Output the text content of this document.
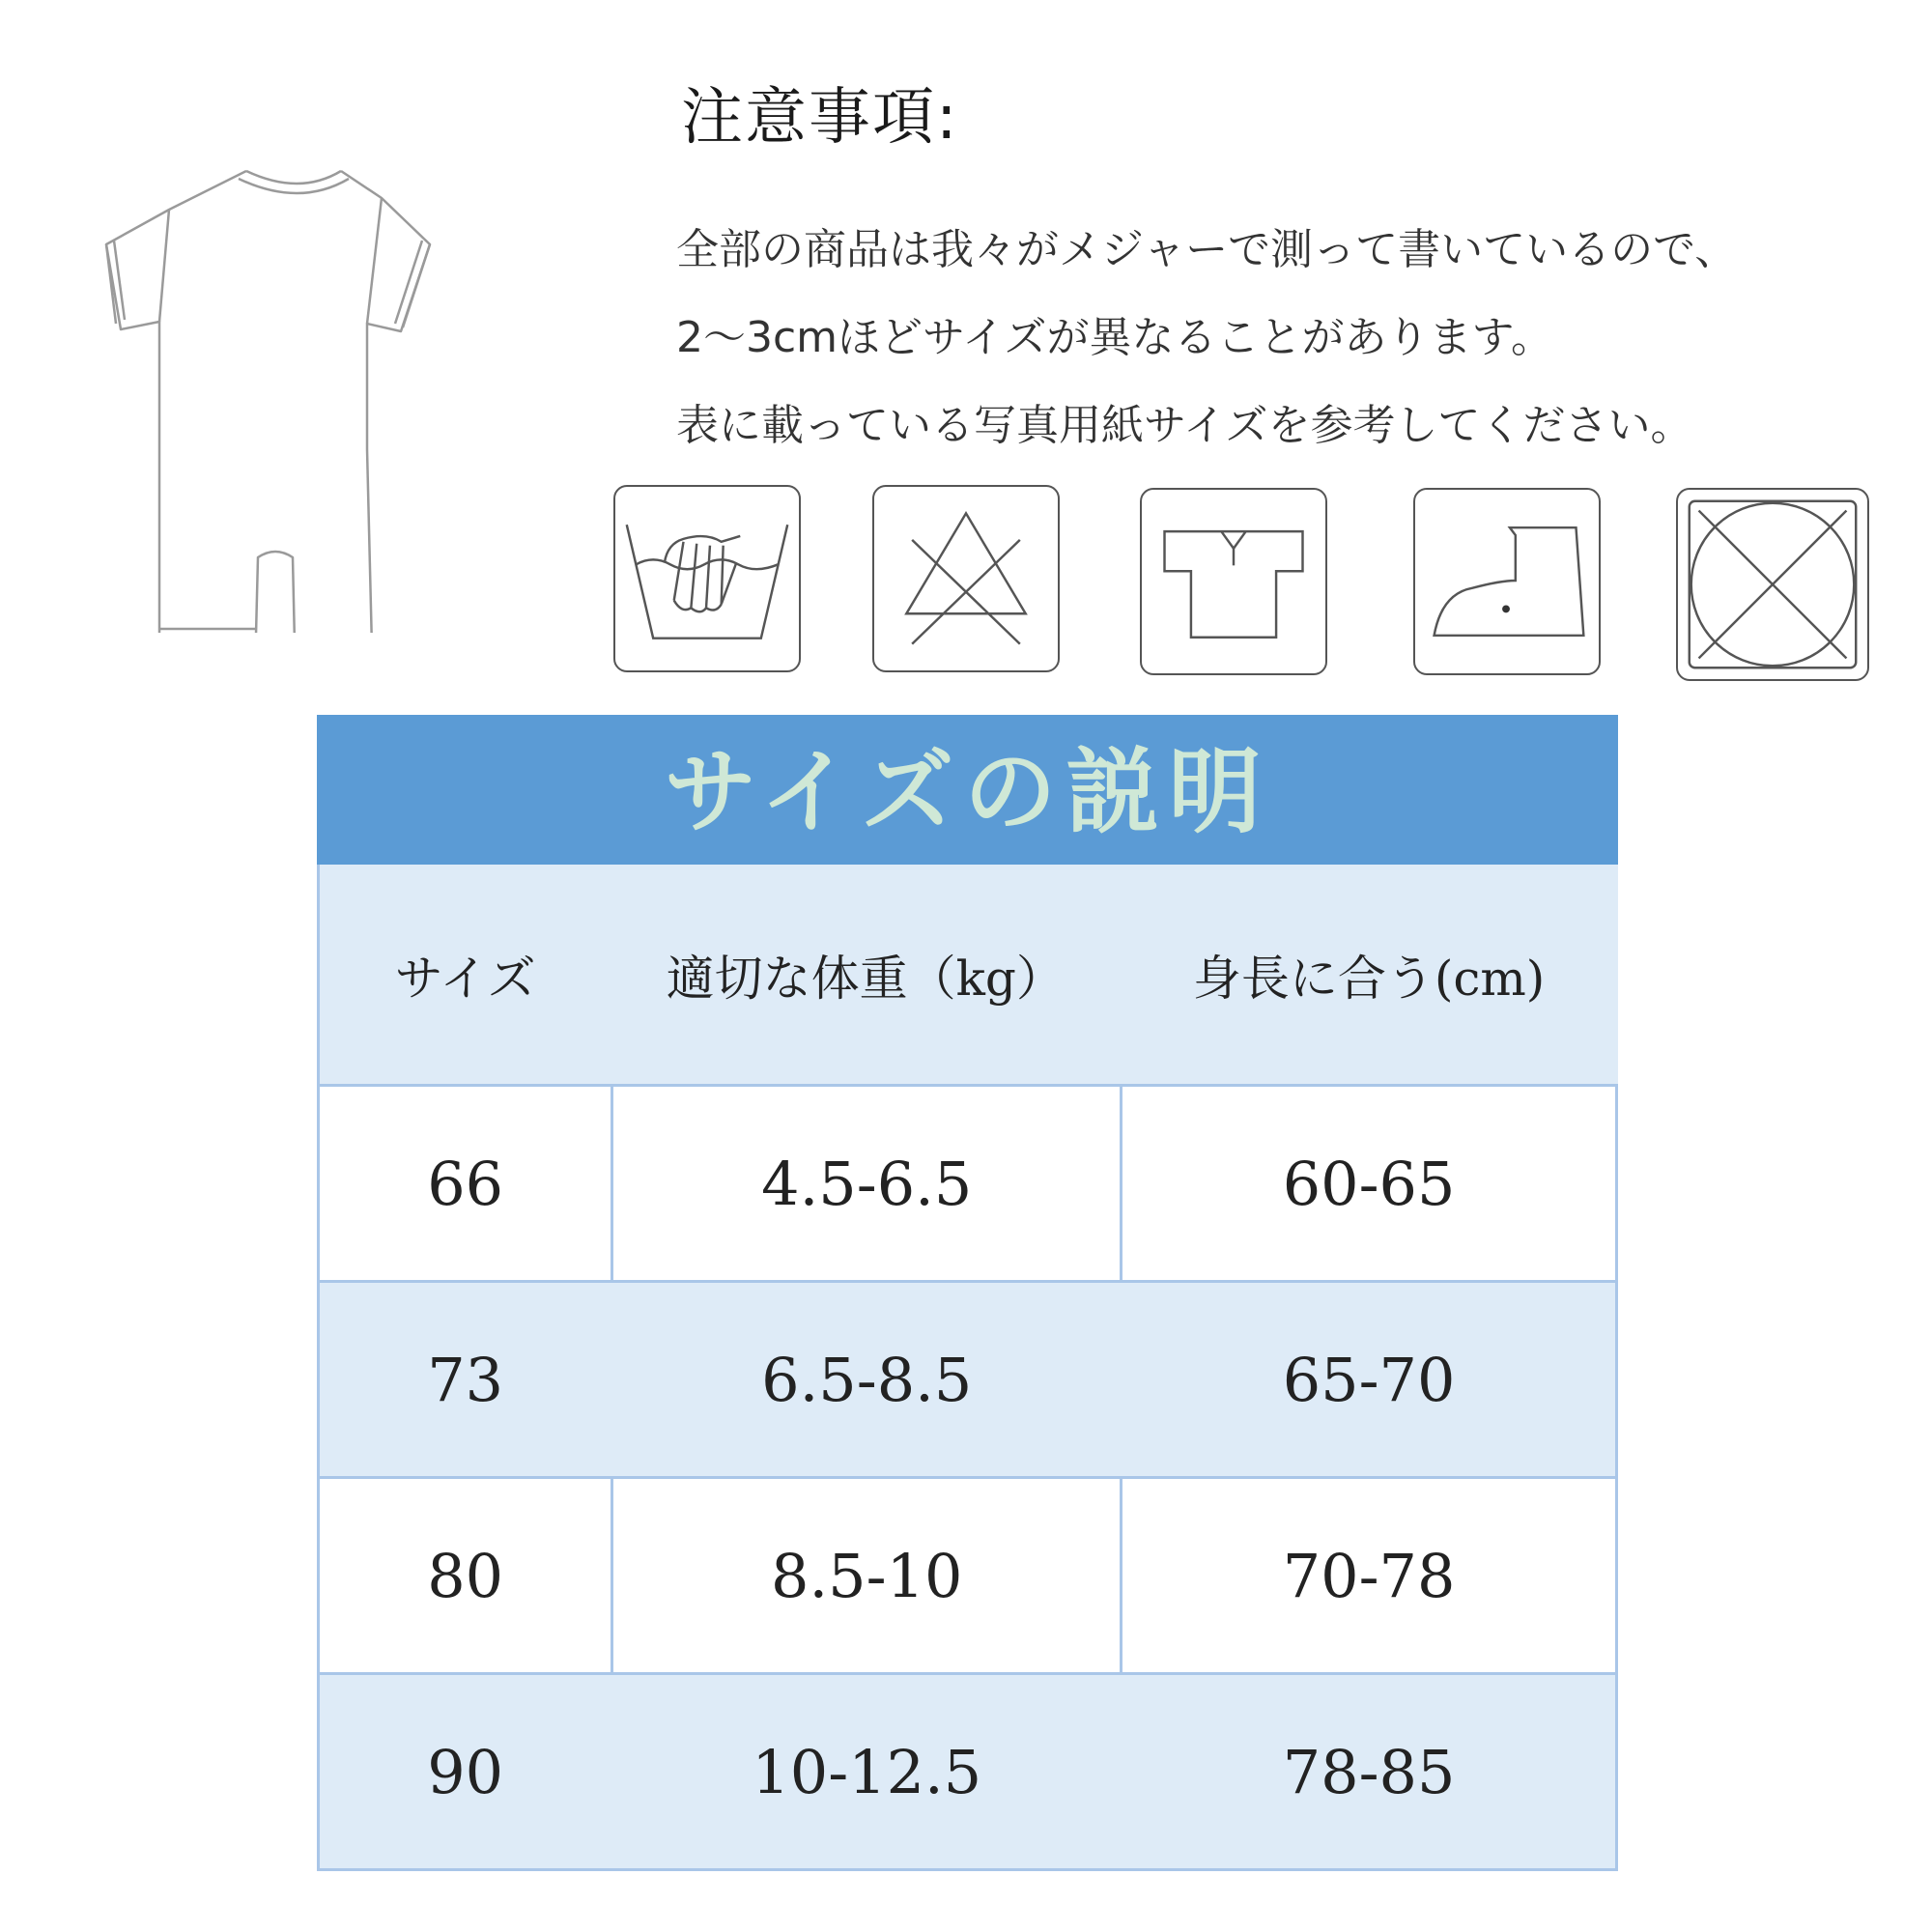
注意事項:
全部の商品は我々がメジャーで測って書いているので、
2～3cmほどサイズが異なることがあります。
表に載っている写真用紙サイズを参考してください。
サイズの説明
サイズ	適切な体重（kg）	身長に合う(cm)
66	4.5-6.5	60-65
73	6.5-8.5	65-70
80	8.5-10	70-78
90	10-12.5	78-85
